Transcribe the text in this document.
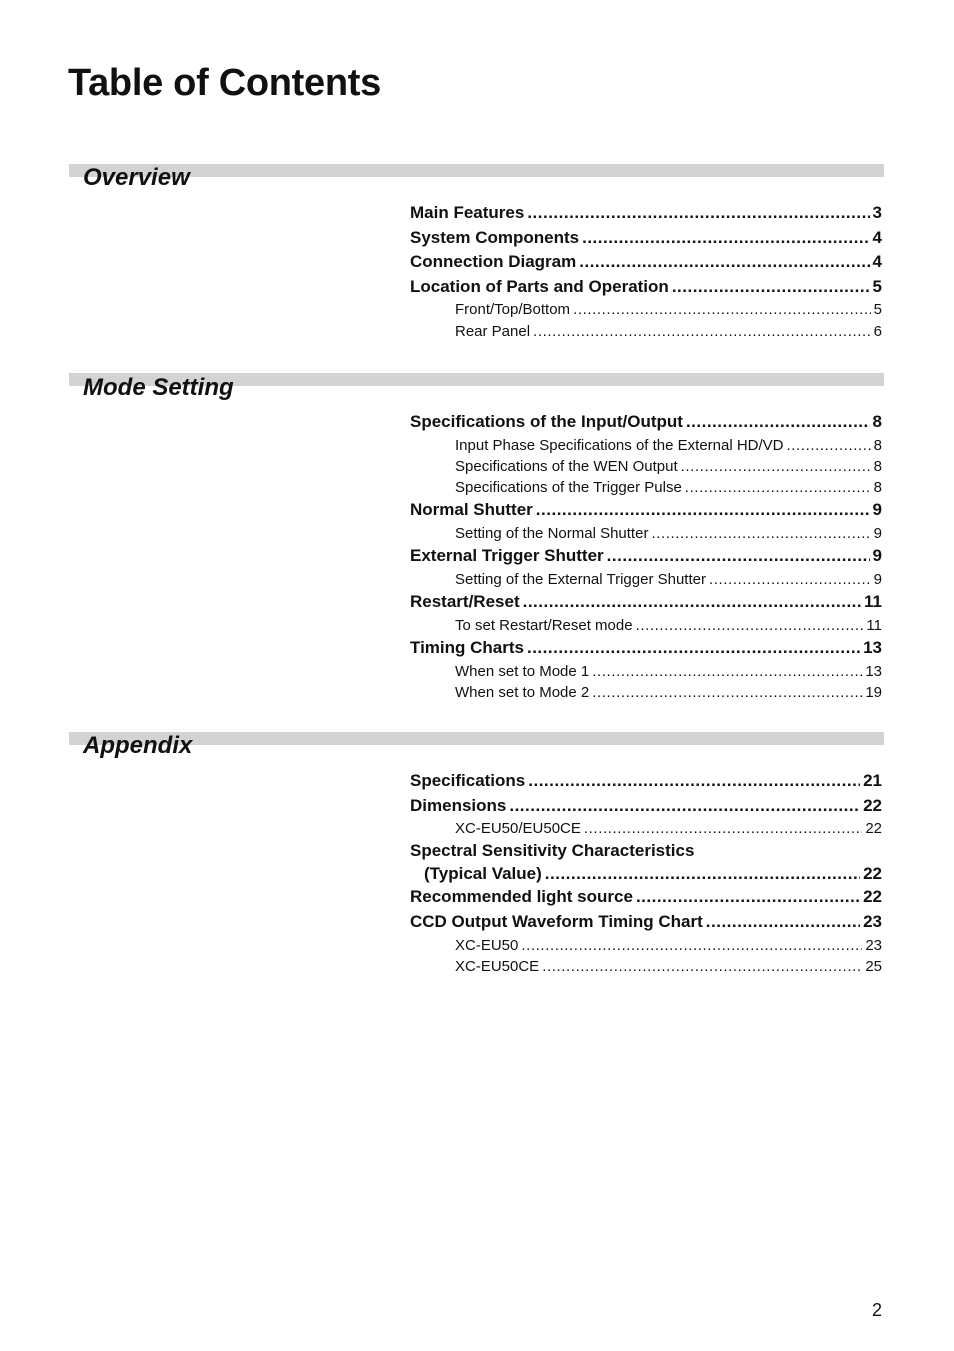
Table of Contents
Overview
Main Features .....	3
System Components .....	4
Connection Diagram .....	4
Location of Parts and Operation .....	5
Front/Top/Bottom .....	5
Rear Panel .....	6
Mode Setting
Specifications of the Input/Output .....	8
Input Phase Specifications of the External HD/VD .....	8
Specifications of the WEN Output .....	8
Specifications of the Trigger Pulse .....	8
Normal Shutter .....	9
Setting of the Normal Shutter .....	9
External Trigger Shutter .....	9
Setting of the External Trigger Shutter .....	9
Restart/Reset .....	11
To set Restart/Reset mode .....	11
Timing Charts .....	13
When set to Mode 1 .....	13
When set to Mode 2 .....	19
Appendix
Specifications .....	21
Dimensions .....	22
XC-EU50/EU50CE .....	22
Spectral Sensitivity Characteristics
(Typical Value) .....	22
Recommended light source .....	22
CCD Output Waveform Timing Chart .....	23
XC-EU50 .....	23
XC-EU50CE .....	25
2
